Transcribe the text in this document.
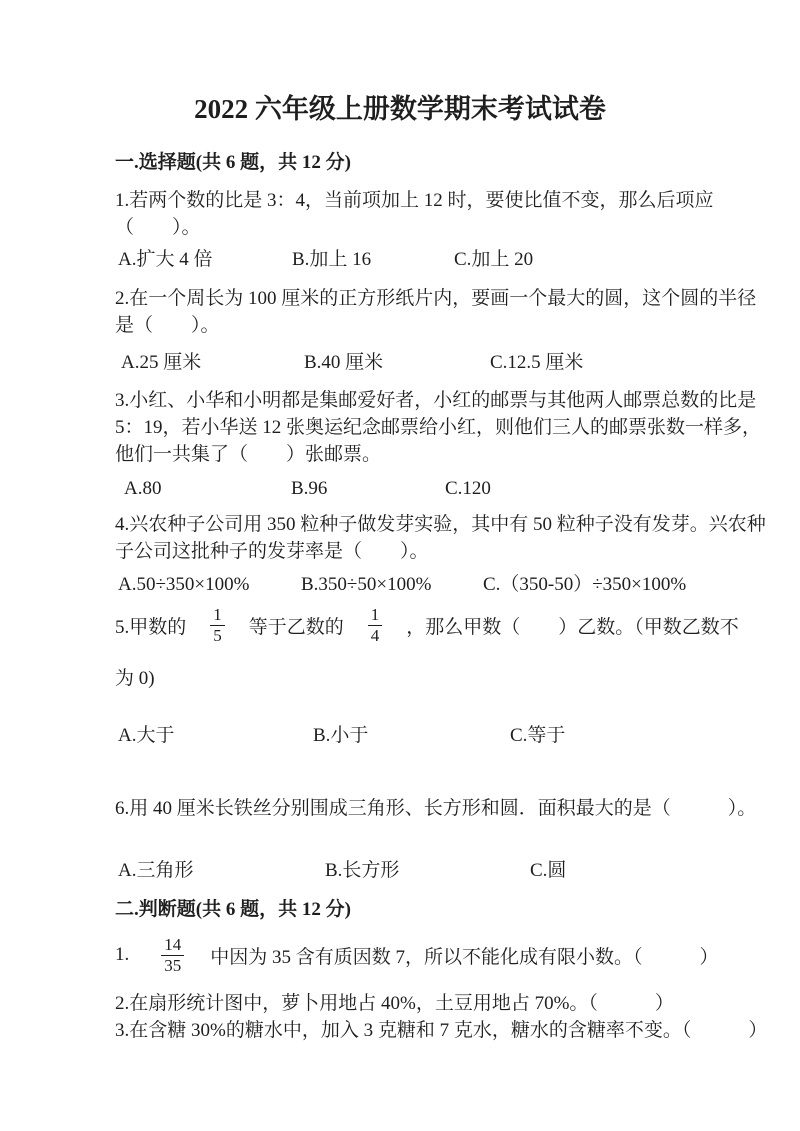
2022 六年级上册数学期末考试试卷
一.选择题(共 6 题，共 12 分)
1.若两个数的比是 3：4，当前项加上 12 时，要使比值不变，那么后项应
（　　）。
A.扩大 4 倍	B.加上 16	C.加上 20
2.在一个周长为 100 厘米的正方形纸片内，要画一个最大的圆，这个圆的半径
是（　　）。
A.25 厘米	B.40 厘米	C.12.5 厘米
3.小红、小华和小明都是集邮爱好者，小红的邮票与其他两人邮票总数的比是
5：19，若小华送 12 张奥运纪念邮票给小红，则他们三人的邮票张数一样多，
他们一共集了（　　）张邮票。
A.80	B.96	C.120
4.兴农种子公司用 350 粒种子做发芽实验，其中有 50 粒种子没有发芽。兴农种
子公司这批种子的发芽率是（　　）。
A.50÷350×100%	B.350÷50×100%	C.（350-50）÷350×100%
5.甲数的 $\frac{1}{5}$ 等于乙数的 $\frac{1}{4}$ ，那么甲数（　　）乙数。（甲数乙数不
为 0)
A.大于	B.小于	C.等于
6.用 40 厘米长铁丝分别围成三角形、长方形和圆．面积最大的是（　　　）。
A.三角形	B.长方形	C.圆
二.判断题(共 6 题，共 12 分)
1. $\frac{14}{35}$ 中因为 35 含有质因数 7，所以不能化成有限小数。（　　　）
2.在扇形统计图中，萝卜用地占 40%，土豆用地占 70%。（　　　）
3.在含糖 30%的糖水中，加入 3 克糖和 7 克水，糖水的含糖率不变。（　　　）
